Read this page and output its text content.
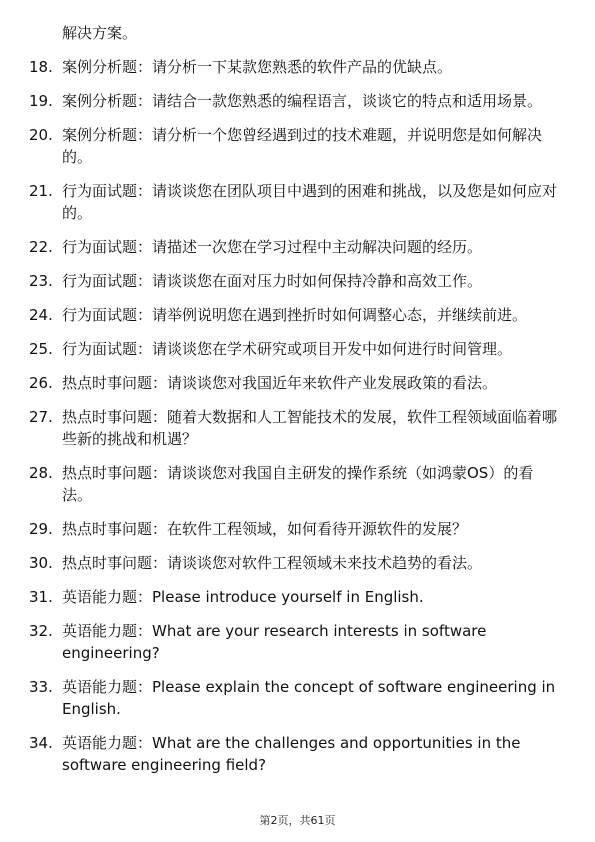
解决方案。
18. 案例分析题：请分析一下某款您熟悉的软件产品的优缺点。
19. 案例分析题：请结合一款您熟悉的编程语言，谈谈它的特点和适用场景。
20. 案例分析题：请分析一个您曾经遇到过的技术难题，并说明您是如何解决的。
21. 行为面试题：请谈谈您在团队项目中遇到的困难和挑战，以及您是如何应对的。
22. 行为面试题：请描述一次您在学习过程中主动解决问题的经历。
23. 行为面试题：请谈谈您在面对压力时如何保持冷静和高效工作。
24. 行为面试题：请举例说明您在遇到挫折时如何调整心态，并继续前进。
25. 行为面试题：请谈谈您在学术研究或项目开发中如何进行时间管理。
26. 热点时事问题：请谈谈您对我国近年来软件产业发展政策的看法。
27. 热点时事问题：随着大数据和人工智能技术的发展，软件工程领域面临着哪些新的挑战和机遇？
28. 热点时事问题：请谈谈您对我国自主研发的操作系统（如鸿蒙OS）的看法。
29. 热点时事问题：在软件工程领域，如何看待开源软件的发展？
30. 热点时事问题：请谈谈您对软件工程领域未来技术趋势的看法。
31. 英语能力题：Please introduce yourself in English.
32. 英语能力题：What are your research interests in software engineering?
33. 英语能力题：Please explain the concept of software engineering in English.
34. 英语能力题：What are the challenges and opportunities in the software engineering field?
第2页，共61页
